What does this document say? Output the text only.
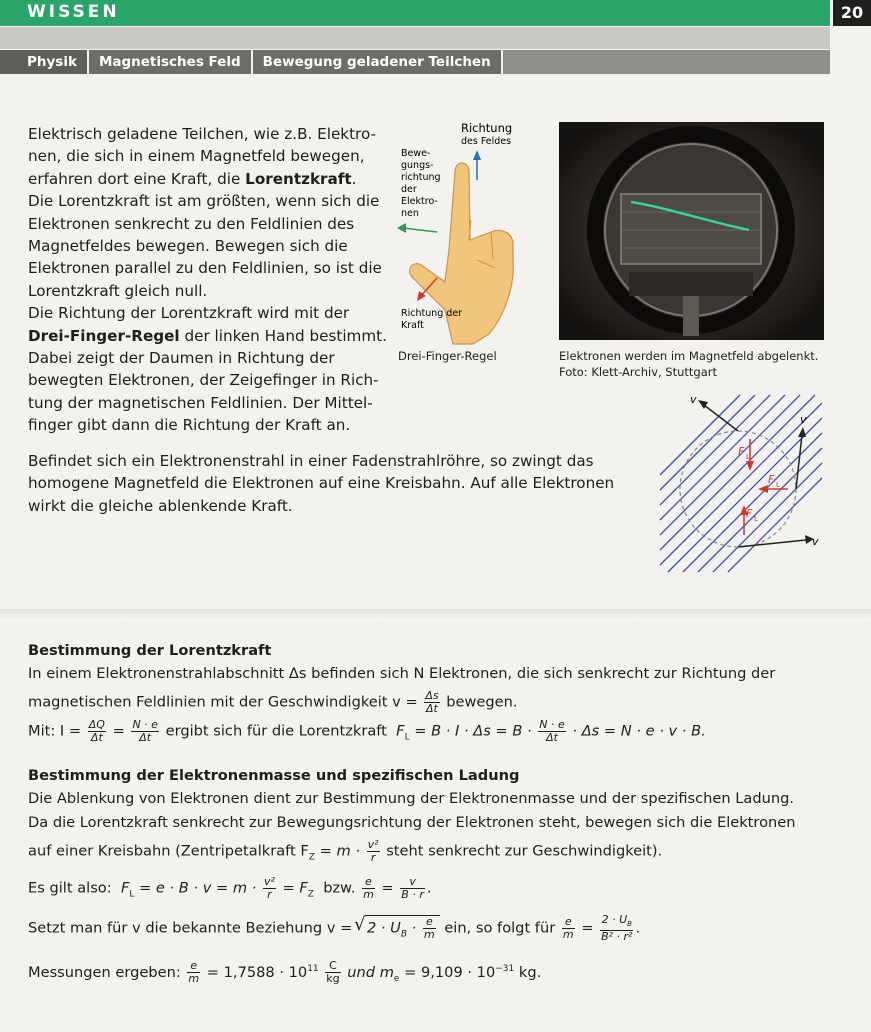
WISSEN	20
Physik	Magnetisches Feld	Bewegung geladener Teilchen
Elektrisch geladene Teilchen, wie z.B. Elektro-nen, die sich in einem Magnetfeld bewegen, erfahren dort eine Kraft, die Lorentzkraft.
Die Lorentzkraft ist am größten, wenn sich die Elektronen senkrecht zu den Feldlinien des Magnetfeldes bewegen. Bewegen sich die Elektronen parallel zu den Feldlinien, so ist die Lorentzkraft gleich null.
Die Richtung der Lorentzkraft wird mit der Drei-Finger-Regel der linken Hand bestimmt. Dabei zeigt der Daumen in Richtung der bewegten Elektronen, der Zeigefinger in Rich-tung der magnetischen Feldlinien. Der Mittel-finger gibt dann die Richtung der Kraft an.
Richtung
des Feldes
Bewe-
gungs-
richtung
der
Elektro-
nen
Richtung der
Kraft
Drei-Finger-Regel	Elektronen werden im Magnetfeld abgelenkt.
Foto: Klett-Archiv, Stuttgart
Befindet sich ein Elektronenstrahl in einer Fadenstrahlröhre, so zwingt das homogene Magnetfeld die Elektronen auf eine Kreisbahn. Auf alle Elektronen wirkt die gleiche ablenkende Kraft.
v
v
v
F L
F L
F L
Bestimmung der Lorentzkraft
In einem Elektronenstrahlabschnitt Δs befinden sich N Elektronen, die sich senkrecht zur Richtung der
magnetischen Feldlinien mit der Geschwindigkeit $v = \frac{\Delta s}{\Delta t}$ bewegen.
Mit: $I = \frac{\Delta Q}{\Delta t} = \frac{N \cdot e}{\Delta t}$ ergibt sich für die Lorentzkraft $F_L = B \cdot I \cdot \Delta s = B \cdot \frac{N \cdot e}{\Delta t} \cdot \Delta s = N \cdot e \cdot v \cdot B$.
Bestimmung der Elektronenmasse und spezifischen Ladung
Die Ablenkung von Elektronen dient zur Bestimmung der Elektronenmasse und der spezifischen Ladung.
Da die Lorentzkraft senkrecht zur Bewegungsrichtung der Elektronen steht, bewegen sich die Elektronen
auf einer Kreisbahn (Zentripetalkraft $F_Z = m \cdot \frac{\text{v²}}{r}$ steht senkrecht zur Geschwindigkeit).
Es gilt also: $F_L = e \cdot B \cdot v = m \cdot \frac{\text{v²}}{r} = F_Z$ bzw. $\frac{e}{m} = \frac{v}{B \cdot r}$ .
Setzt man für v die bekannte Beziehung v = √ $2 \cdot U_B \cdot \frac{e}{m}$ ein, so folgt für $\frac{e}{m} = \frac{2 \cdot U_B}{\text{B² · r²}}$ .
Messungen ergeben: $\frac{e}{m} = 1,7588 \cdot 10^{11} \frac{C}{kg}$ und $m_e = 9,109 \cdot 10^{-31}$ kg.
